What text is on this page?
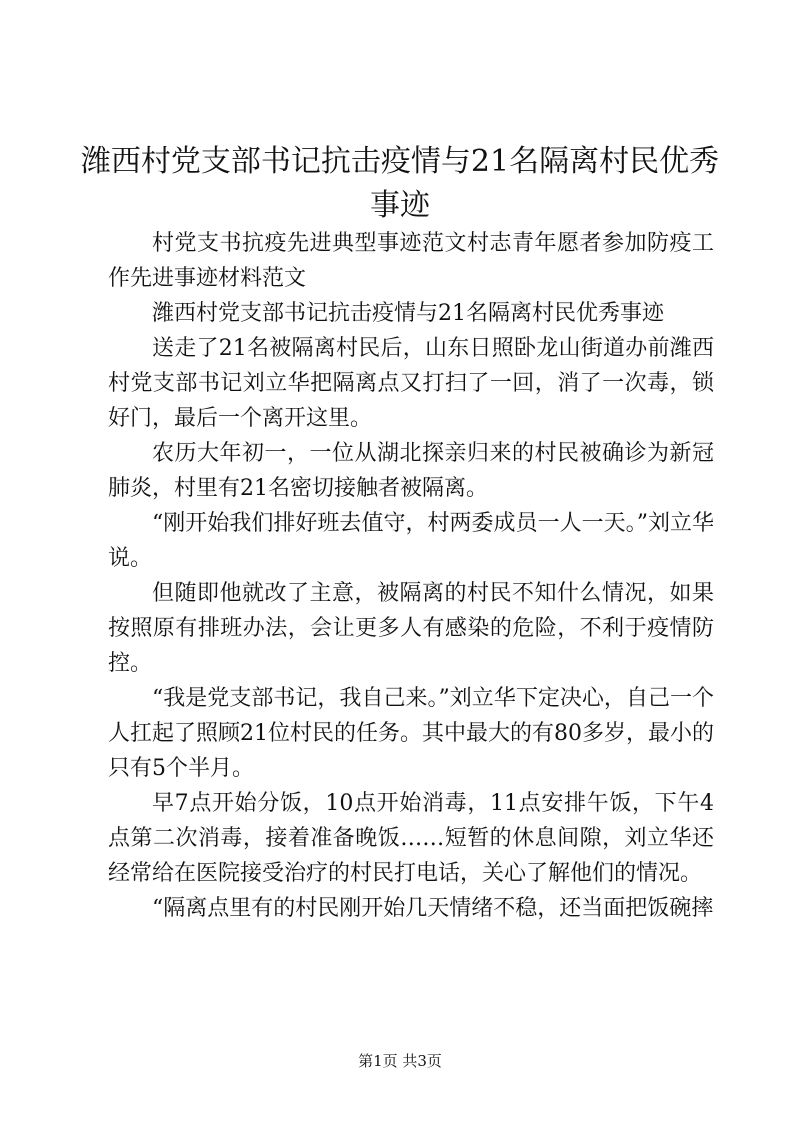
潍西村党支部书记抗击疫情与21名隔离村民优秀事迹

村党支书抗疫先进典型事迹范文村志青年愿者参加防疫工作先进事迹材料范文

潍西村党支部书记抗击疫情与21名隔离村民优秀事迹

送走了21名被隔离村民后，山东日照卧龙山街道办前潍西村党支部书记刘立华把隔离点又打扫了一回，消了一次毒，锁好门，最后一个离开这里。

农历大年初一，一位从湖北探亲归来的村民被确诊为新冠肺炎，村里有21名密切接触者被隔离。

“刚开始我们排好班去值守，村两委成员一人一天。”刘立华说。

但随即他就改了主意，被隔离的村民不知什么情况，如果按照原有排班办法，会让更多人有感染的危险，不利于疫情防控。

“我是党支部书记，我自己来。”刘立华下定决心，自己一个人扛起了照顾21位村民的任务。其中最大的有80多岁，最小的只有5个半月。

早7点开始分饭，10点开始消毒，11点安排午饭，下午4点第二次消毒，接着准备晚饭……短暂的休息间隙，刘立华还经常给在医院接受治疗的村民打电话，关心了解他们的情况。

“隔离点里有的村民刚开始几天情绪不稳，还当面把饭碗摔

第1页 共3页
